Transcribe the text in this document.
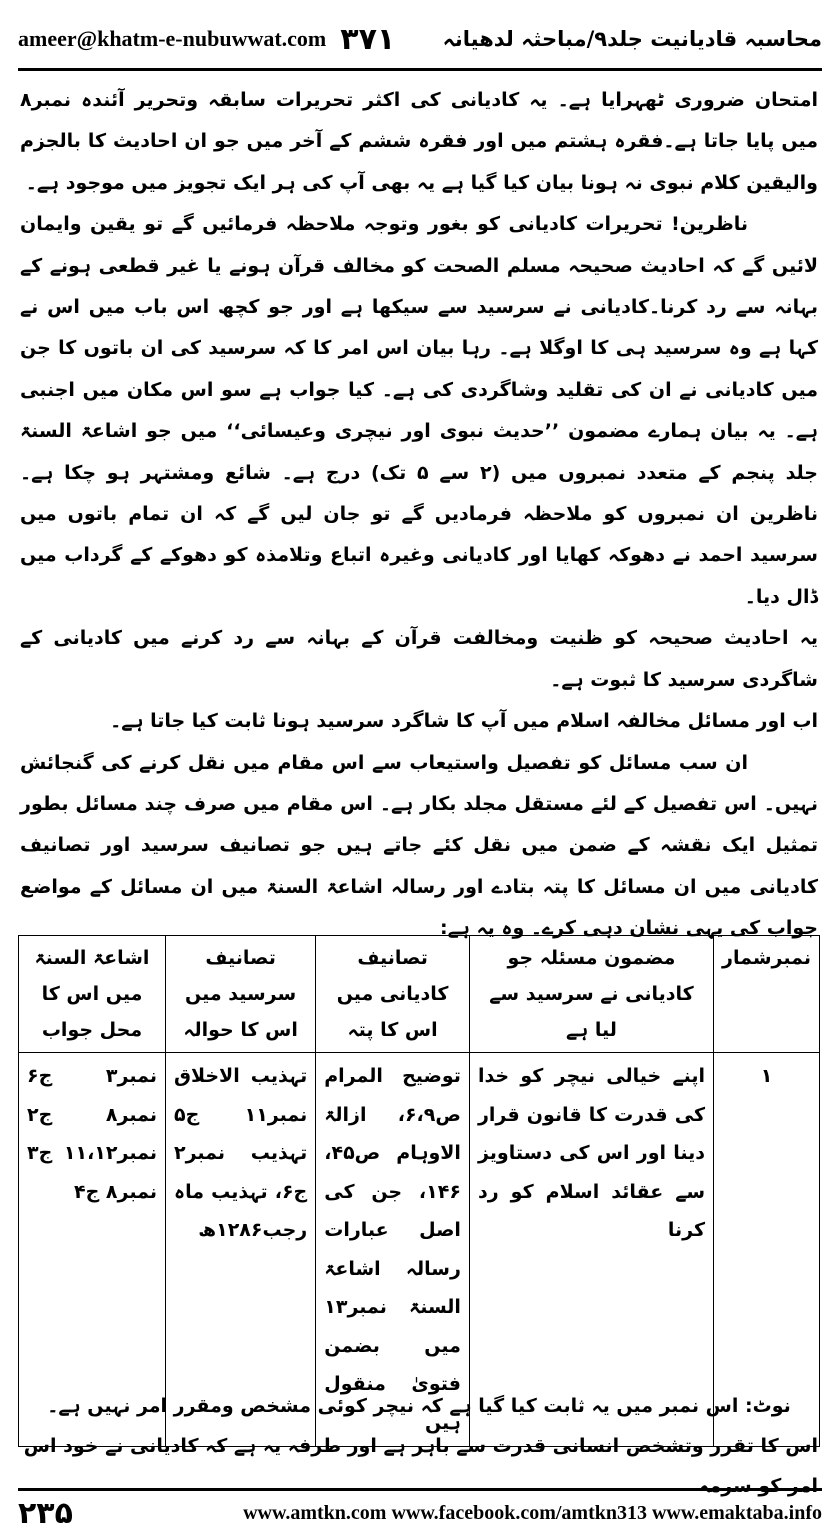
ameer@khatm-e-nubuwwat.com ۳۷۱ محاسبہ قادیانیت جلد۹/مباحثہ لدھیانہ

امتحان ضروری ٹھہرایا ہے۔ یہ کادیانی کی اکثر تحریرات سابقہ وتحریر آئندہ نمبر۸ میں پایا جاتا ہے۔فقرہ ہشتم میں اور فقرہ ششم کے آخر میں جو ان احادیث کا بالجزم والیقین کلام نبوی نہ ہونا بیان کیا گیا ہے یہ بھی آپ کی ہر ایک تجویز میں موجود ہے۔

ناظرین! تحریرات کادیانی کو بغور وتوجہ ملاحظہ فرمائیں گے تو یقین وایمان لائیں گے کہ احادیث صحیحہ مسلم الصحت کو مخالف قرآن ہونے یا غیر قطعی ہونے کے بہانہ سے رد کرنا۔کادیانی نے سرسید سے سیکھا ہے اور جو کچھ اس باب میں اس نے کہا ہے وہ سرسید ہی کا اوگلا ہے۔ رہا بیان اس امر کا کہ سرسید کی ان باتوں کا جن میں کادیانی نے ان کی تقلید وشاگردی کی ہے۔ کیا جواب ہے سو اس مکان میں اجنبی ہے۔ یہ بیان ہمارے مضمون ’’حدیث نبوی اور نیچری وعیسائی‘‘ میں جو اشاعۃ السنۃ جلد پنجم کے متعدد نمبروں میں (۲ سے ۵ تک) درج ہے۔ شائع ومشتہر ہو چکا ہے۔ ناظرین ان نمبروں کو ملاحظہ فرمادیں گے تو جان لیں گے کہ ان تمام باتوں میں سرسید احمد نے دھوکہ کھایا اور کادیانی وغیرہ اتباع وتلامذہ کو دھوکے کے گرداب میں ڈال دیا۔

یہ احادیث صحیحہ کو ظنیت ومخالفت قرآن کے بہانہ سے رد کرنے میں کادیانی کے شاگردی سرسید کا ثبوت ہے۔

اب اور مسائل مخالفہ اسلام میں آپ کا شاگرد سرسید ہونا ثابت کیا جاتا ہے۔

ان سب مسائل کو تفصیل واستیعاب سے اس مقام میں نقل کرنے کی گنجائش نہیں۔ اس تفصیل کے لئے مستقل مجلد بکار ہے۔ اس مقام میں صرف چند مسائل بطور تمثیل ایک نقشہ کے ضمن میں نقل کئے جاتے ہیں جو تصانیف سرسید اور تصانیف کادیانی میں ان مسائل کا پتہ بتادے اور رسالہ اشاعۃ السنۃ میں ان مسائل کے مواضع جواب کی یہی نشان دہی کرے۔ وہ یہ ہے:

نمبرشمار	مضمون مسئلہ جو کادیانی نے سرسید سے لیا ہے	تصانیف کادیانی میں اس کا پتہ	تصانیف سرسید میں اس کا حوالہ	اشاعۃ السنۃ میں اس کا محل جواب
۱	اپنے خیالی نیچر کو خدا کی قدرت کا قانون قرار دینا اور اس کی دستاویز سے عقائد اسلام کو رد کرنا	توضیح المرام ص۶،۹، ازالۃ الاوہام ص۴۵، ۱۴۶، جن کی اصل عبارات رسالہ اشاعۃ السنۃ نمبر۱۳ میں بضمن فتویٰ منقول ہیں	تہذیب الاخلاق نمبر۱۱ ج۵ تہذیب نمبر۲ ج۶، تہذیب ماہ رجب۱۲۸۶ھ	نمبر۳ ج۶ نمبر۸ ج۲ نمبر۱۱،۱۲ ج۳ نمبر۸ ج۴

نوٹ: اس نمبر میں یہ ثابت کیا گیا ہے کہ نیچر کوئی مشخص ومقرر امر نہیں ہے۔

اس کا تقرر وتشخص انسانی قدرت سے باہر ہے اور طرفہ یہ ہے کہ کادیانی نے خود اس امر کو سرمہ

۲۳۵	www.amtkn.com www.facebook.com/amtkn313 www.emaktaba.info
